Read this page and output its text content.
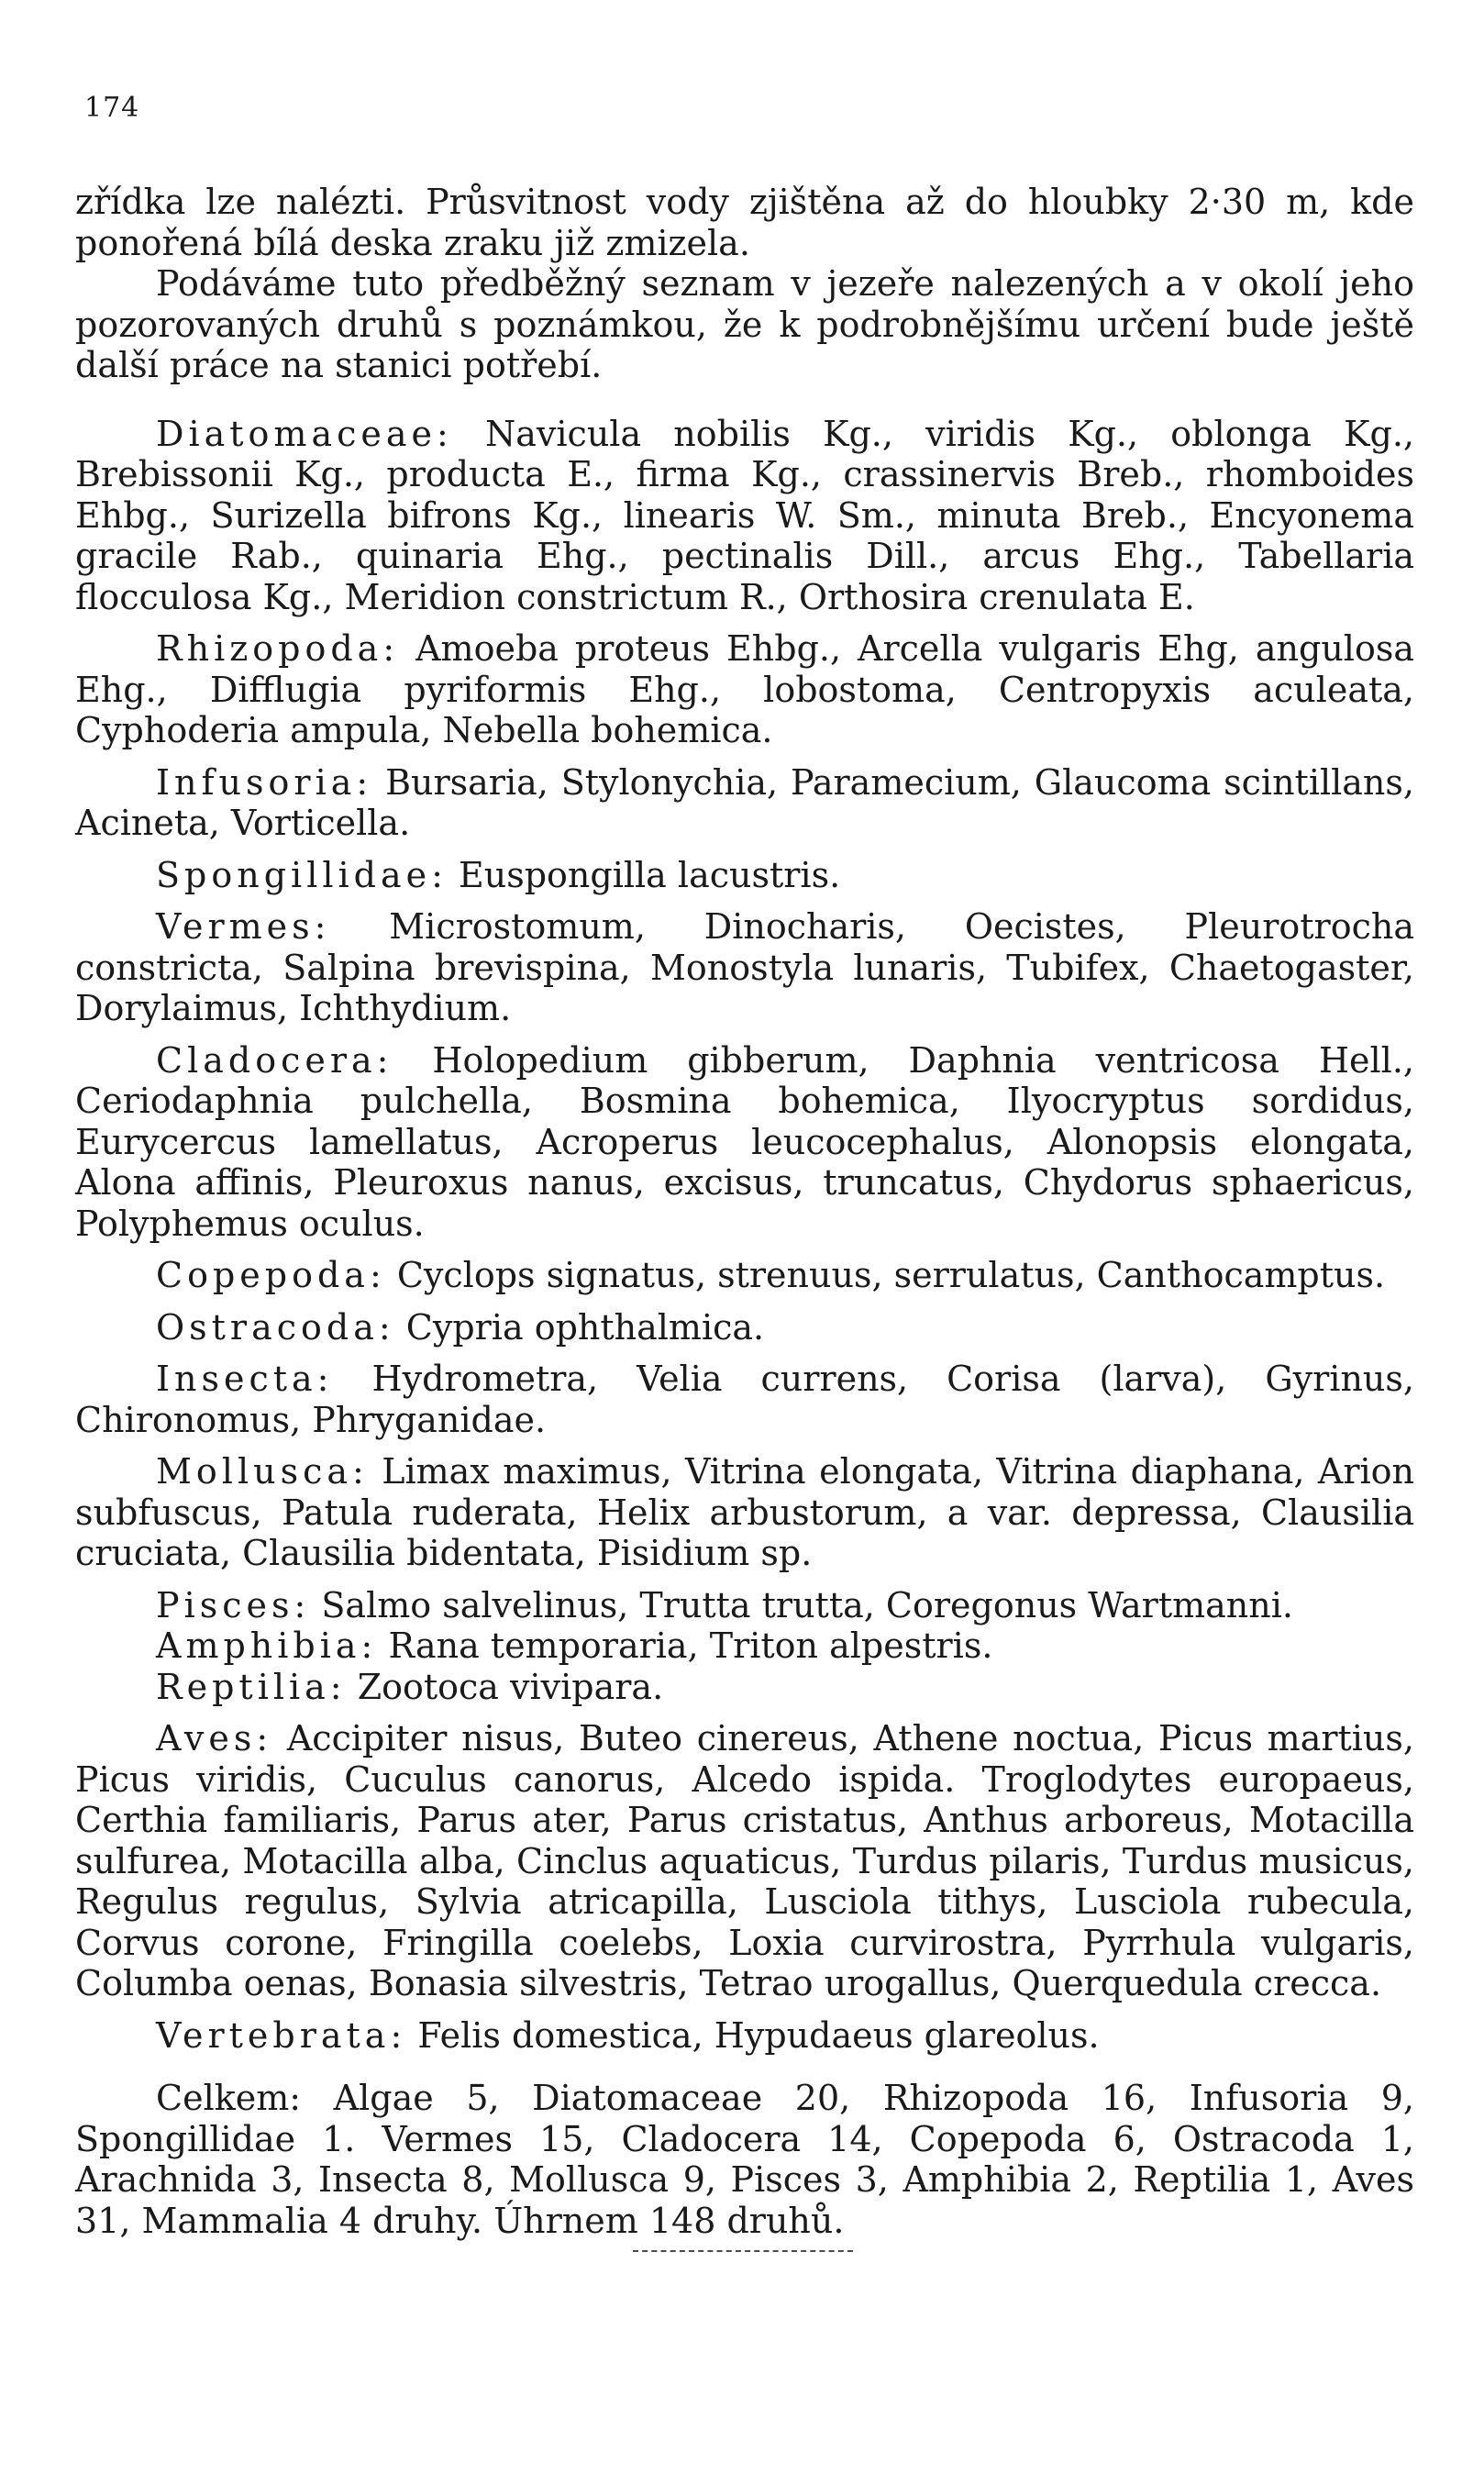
174

zřídka lze nalézti. Průsvitnost vody zjištěna až do hloubky 2·30 m, kde ponořená bílá deska zraku již zmizela.

Podáváme tuto předběžný seznam v jezeře nalezených a v okolí jeho pozorovaných druhů s poznámkou, že k podrobnějšímu určení bude ještě další práce na stanici potřebí.

Diatomaceae: Navicula nobilis Kg., viridis Kg., oblonga Kg., Brebissonii Kg., producta E., firma Kg., crassinervis Breb., rhomboides Ehbg., Surizella bifrons Kg., linearis W. Sm., minuta Breb., Encyonema gracile Rab., quinaria Ehg., pectinalis Dill., arcus Ehg., Tabellaria flocculosa Kg., Meridion constrictum R., Orthosira crenulata E.

Rhizopoda: Amoeba proteus Ehbg., Arcella vulgaris Ehg, angulosa Ehg., Difflugia pyriformis Ehg., lobostoma, Centropyxis aculeata, Cyphoderia ampula, Nebella bohemica.

Infusoria: Bursaria, Stylonychia, Paramecium, Glaucoma scintillans, Acineta, Vorticella.

Spongillidae: Euspongilla lacustris.

Vermes: Microstomum, Dinocharis, Oecistes, Pleurotrocha constricta, Salpina brevispina, Monostyla lunaris, Tubifex, Chaetogaster, Dorylaimus, Ichthydium.

Cladocera: Holopedium gibberum, Daphnia ventricosa Hell., Ceriodaphnia pulchella, Bosmina bohemica, Ilyocryptus sordidus, Eurycercus lamellatus, Acroperus leucocephalus, Alonopsis elongata, Alona affinis, Pleuroxus nanus, excisus, truncatus, Chydorus sphaericus, Polyphemus oculus.

Copepoda: Cyclops signatus, strenuus, serrulatus, Canthocamptus.

Ostracoda: Cypria ophthalmica.

Insecta: Hydrometra, Velia currens, Corisa (larva), Gyrinus, Chironomus, Phryganidae.

Mollusca: Limax maximus, Vitrina elongata, Vitrina diaphana, Arion subfuscus, Patula ruderata, Helix arbustorum, a var. depressa, Clausilia cruciata, Clausilia bidentata, Pisidium sp.

Pisces: Salmo salvelinus, Trutta trutta, Coregonus Wartmanni.

Amphibia: Rana temporaria, Triton alpestris.

Reptilia: Zootoca vivipara.

Aves: Accipiter nisus, Buteo cinereus, Athene noctua, Picus martius, Picus viridis, Cuculus canorus, Alcedo ispida. Troglodytes europaeus, Certhia familiaris, Parus ater, Parus cristatus, Anthus arboreus, Motacilla sulfurea, Motacilla alba, Cinclus aquaticus, Turdus pilaris, Turdus musicus, Regulus regulus, Sylvia atricapilla, Lusciola tithys, Lusciola rubecula, Corvus corone, Fringilla coelebs, Loxia curvirostra, Pyrrhula vulgaris, Columba oenas, Bonasia silvestris, Tetrao urogallus, Querquedula crecca.

Vertebrata: Felis domestica, Hypudaeus glareolus.

Celkem: Algae 5, Diatomaceae 20, Rhizopoda 16, Infusoria 9, Spongillidae 1. Vermes 15, Cladocera 14, Copepoda 6, Ostracoda 1, Arachnida 3, Insecta 8, Mollusca 9, Pisces 3, Amphibia 2, Reptilia 1, Aves 31, Mammalia 4 druhy. Úhrnem 148 druhů.
